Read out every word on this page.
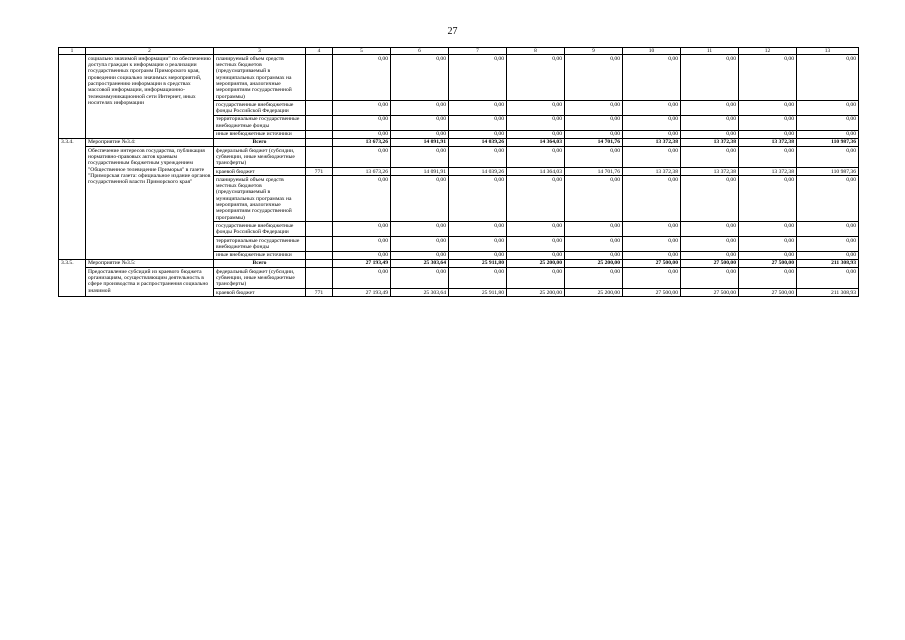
27
1	2	3	4	5	6	7	8	9	10	11	12	13
	социально значимой информации" по обеспечению доступа граждан к информации о реализации государственных программ Приморского края, проведении социально значимых мероприятий, распространению информации в средствах массовой информации, информационно-телекоммуникационной сети Интернет, иных носителях информации	планируемый объем средств местных бюджетов (предусматриваемый в муниципальных программах на мероприятия, аналогичные мероприятиям государственной программы)		0,00	0,00	0,00	0,00	0,00	0,00	0,00	0,00	0,00
		государственные внебюджетные фонды Российской Федерации		0,00	0,00	0,00	0,00	0,00	0,00	0,00	0,00	0,00
		территориальные государственные внебюджетные фонды		0,00	0,00	0,00	0,00	0,00	0,00	0,00	0,00	0,00
		иные внебюджетные источники		0,00	0,00	0,00	0,00	0,00	0,00	0,00	0,00	0,00
3.3.4.	Мероприятие №3.4:	Всего		13 673,26	14 091,91	14 039,26	14 364,03	14 701,76	13 372,38	13 372,38	13 372,38	110 987,36
	Обеспечение интересов государства, публикация нормативно-правовых актов краевым государственным бюджетным учреждением "Общественное телевидение Приморья" в газете "Приморская газета: официальное издание органов государственной власти Приморского края"	федеральный бюджет (субсидии, субвенции, иные межбюджетные трансферты)		0,00	0,00	0,00	0,00	0,00	0,00	0,00	0,00	0,00
		краевой бюджет	771	13 673,26	14 091,91	14 039,26	14 364,03	14 701,76	13 372,38	13 372,38	13 372,38	110 987,36
		планируемый объем средств местных бюджетов (предусматриваемый в муниципальных программах на мероприятия, аналогичные мероприятиям государственной программы)		0,00	0,00	0,00	0,00	0,00	0,00	0,00	0,00	0,00
		государственные внебюджетные фонды Российской Федерации		0,00	0,00	0,00	0,00	0,00	0,00	0,00	0,00	0,00
		территориальные государственные внебюджетные фонды		0,00	0,00	0,00	0,00	0,00	0,00	0,00	0,00	0,00
		иные внебюджетные источники		0,00	0,00	0,00	0,00	0,00	0,00	0,00	0,00	0,00
3.3.5.	Мероприятие №3.5:	Всего		27 193,49	25 303,64	25 911,80	25 200,00	25 200,00	27 500,00	27 500,00	27 500,00	211 308,93
	Предоставление субсидий из краевого бюджета организациям, осуществляющим деятельность в сфере производства и распространения социально значимой	федеральный бюджет (субсидии, субвенции, иные межбюджетные трансферты)		0,00	0,00	0,00	0,00	0,00	0,00	0,00	0,00	0,00
		краевой бюджет	771	27 193,49	25 303,64	25 911,80	25 200,00	25 200,00	27 500,00	27 500,00	27 500,00	211 308,93
